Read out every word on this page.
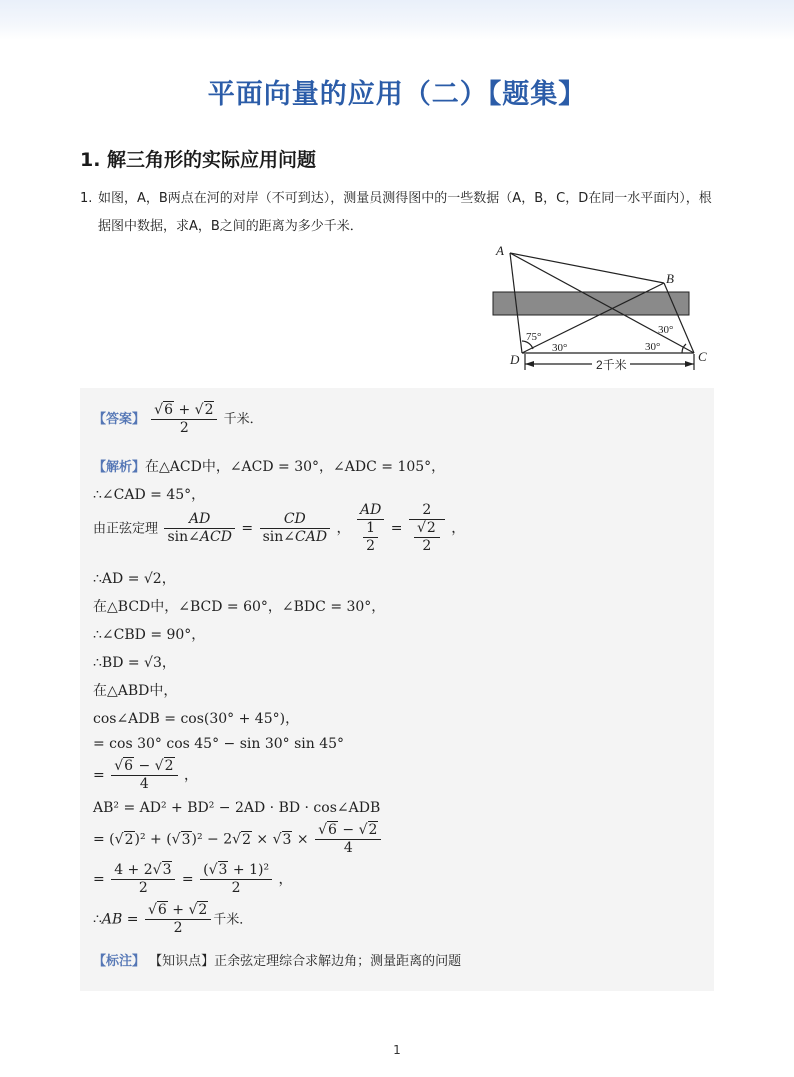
平面向量的应用（二）【题集】
1. 解三角形的实际应用问题
1. 如图，A，B两点在河的对岸（不可到达），测量员测得图中的一些数据（A，B，C，D在同一水平面内），根据图中数据，求A，B之间的距离为多少千米．
A
B
C
D
75°
30°
30°
30°
2千米
【答案】 $\frac{√6 + √2}{2}$ 千米．
【解析】在△ACD中，∠ACD = 30°，∠ADC = 105°，
∴∠CAD = 45°，
由正弦定理 $\frac{AD}{\text{sin∠ACD}} = \frac{CD}{\text{sin∠CAD}}$ ， $\frac{AD}{\frac{1}{2}} = \frac{2}{\frac{√2}{2}}$ ，
∴AD = √2，
在△BCD中，∠BCD = 60°，∠BDC = 30°，
∴∠CBD = 90°，
∴BD = √3，
在△ABD中，
cos∠ADB = cos(30° + 45°)，
= cos 30° cos 45° − sin 30° sin 45°
= $\frac{√6 - √2}{4}$ ，
AB² = AD² + BD² − 2AD · BD · cos∠ADB
= $(√2)^2 + (√3)^2 - 2√2 \times √3 \times \frac{√6 - √2}{4}$
= $\frac{4 + 2√3}{2} = \frac{\text{(√3 + 1)²}}{2}$ ，
∴AB = $\frac{√6 + √2}{2}$ 千米．
【标注】 【知识点】正余弦定理综合求解边角；测量距离的问题
1
